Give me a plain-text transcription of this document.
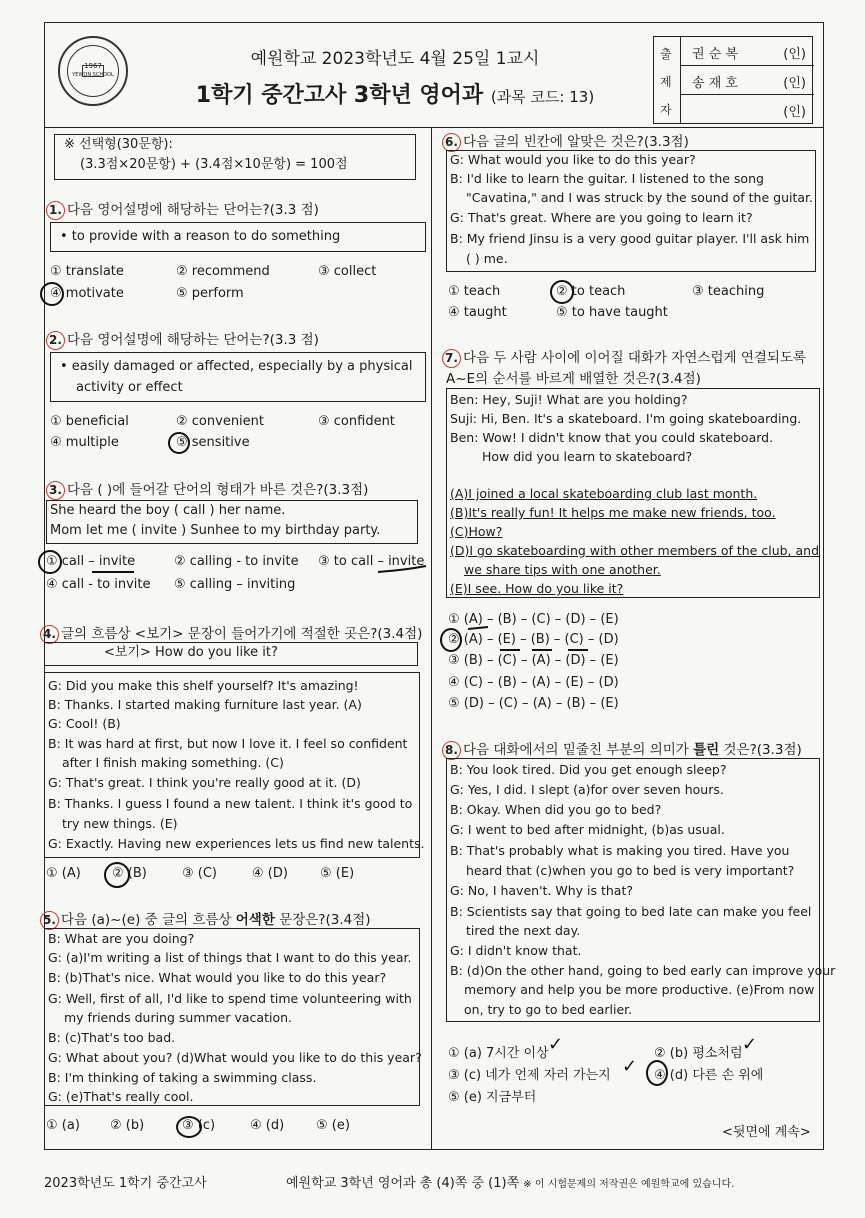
1967
YEWON SCHOOL
예원학교 2023학년도 4월 25일 1교시
1학기 중간고사 3학년 영어과 (과목 코드: 13)
출
제
자
권 순 복	(인)
송 재 호	(인)
(인)
※ 선택형(30문항):
(3.3점×20문항) + (3.4점×10문항) = 100점
1. 다음 영어설명에 해당하는 단어는?(3.3 점)
• to provide with a reason to do something
① translate	② recommend	③ collect
④ motivate	⑤ perform
2. 다음 영어설명에 해당하는 단어는?(3.3 점)
• easily damaged or affected, especially by a physical
activity or effect
① beneficial	② convenient	③ confident
④ multiple	⑤ sensitive
3. 다음 ( )에 들어갈 단어의 형태가 바른 것은?(3.3점)
She heard the boy ( call ) her name.
Mom let me ( invite ) Sunhee to my birthday party.
① call – invite	② calling - to invite ③ to call – invite
④ call - to invite ⑤ calling – inviting
4. 글의 흐름상 <보기> 문장이 들어가기에 적절한 곳은?(3.4점)
<보기> How do you like it?
G: Did you make this shelf yourself? It's amazing!
B: Thanks. I started making furniture last year. (A)
G: Cool! (B)
B: It was hard at first, but now I love it. I feel so confident
after I finish making something. (C)
G: That's great. I think you're really good at it. (D)
B: Thanks. I guess I found a new talent. I think it's good to
try new things. (E)
G: Exactly. Having new experiences lets us find new talents.
① (A) ② (B)	③ (C)	④ (D) ⑤ (E)
5. 다음 (a)~(e) 중 글의 흐름상 어색한 문장은?(3.4점)
B: What are you doing?
G: (a)I'm writing a list of things that I want to do this year.
B: (b)That's nice. What would you like to do this year?
G: Well, first of all, I'd like to spend time volunteering with
my friends during summer vacation.
B: (c)That's too bad.
G: What about you? (d)What would you like to do this year?
B: I'm thinking of taking a swimming class.
G: (e)That's really cool.
① (a) ② (b)	③ (c)	④ (d) ⑤ (e)
6. 다음 글의 빈칸에 알맞은 것은?(3.3점)
G: What would you like to do this year?
B: I'd like to learn the guitar. I listened to the song
"Cavatina," and I was struck by the sound of the guitar.
G: That's great. Where are you going to learn it?
B: My friend Jinsu is a very good guitar player. I'll ask him
( ) me.
① teach	② to teach	③ teaching
④ taught	⑤ to have taught
7. 다음 두 사람 사이에 이어질 대화가 자연스럽게 연결되도록
A~E의 순서를 바르게 배열한 것은?(3.4점)
Ben: Hey, Suji! What are you holding?
Suji: Hi, Ben. It's a skateboard. I'm going skateboarding.
Ben: Wow! I didn't know that you could skateboard.
How did you learn to skateboard?
(A)I joined a local skateboarding club last month.
(B)It's really fun! It helps me make new friends, too.
(C)How?
(D)I go skateboarding with other members of the club, and
we share tips with one another.
(E)I see. How do you like it?
① (A) – (B) – (C) – (D) – (E)
② (A) – (E) – (B) – (C) – (D)
③ (B) – (C) – (A) – (D) – (E)
④ (C) – (B) – (A) – (E) – (D)
⑤ (D) – (C) – (A) – (B) – (E)
8. 다음 대화에서의 밑줄친 부분의 의미가 틀린 것은?(3.3점)
B: You look tired. Did you get enough sleep?
G: Yes, I did. I slept (a)for over seven hours.
B: Okay. When did you go to bed?
G: I went to bed after midnight, (b)as usual.
B: That's probably what is making you tired. Have you
heard that (c)when you go to bed is very important?
G: No, I haven't. Why is that?
B: Scientists say that going to bed late can make you feel
tired the next day.
G: I didn't know that.
B: (d)On the other hand, going to bed early can improve your
memory and help you be more productive. (e)From now
on, try to go to bed earlier.
① (a) 7시간 이상	② (b) 평소처럼
③ (c) 네가 언제 자러 가는지	④ (d) 다른 손 위에
⑤ (e) 지금부터
✓	✓
✓
<뒷면에 계속>
2023학년도 1학기 중간고사	예원학교 3학년 영어과 총 (4)쪽 중 (1)쪽 ※ 이 시험문제의 저작권은 예원학교에 있습니다.
